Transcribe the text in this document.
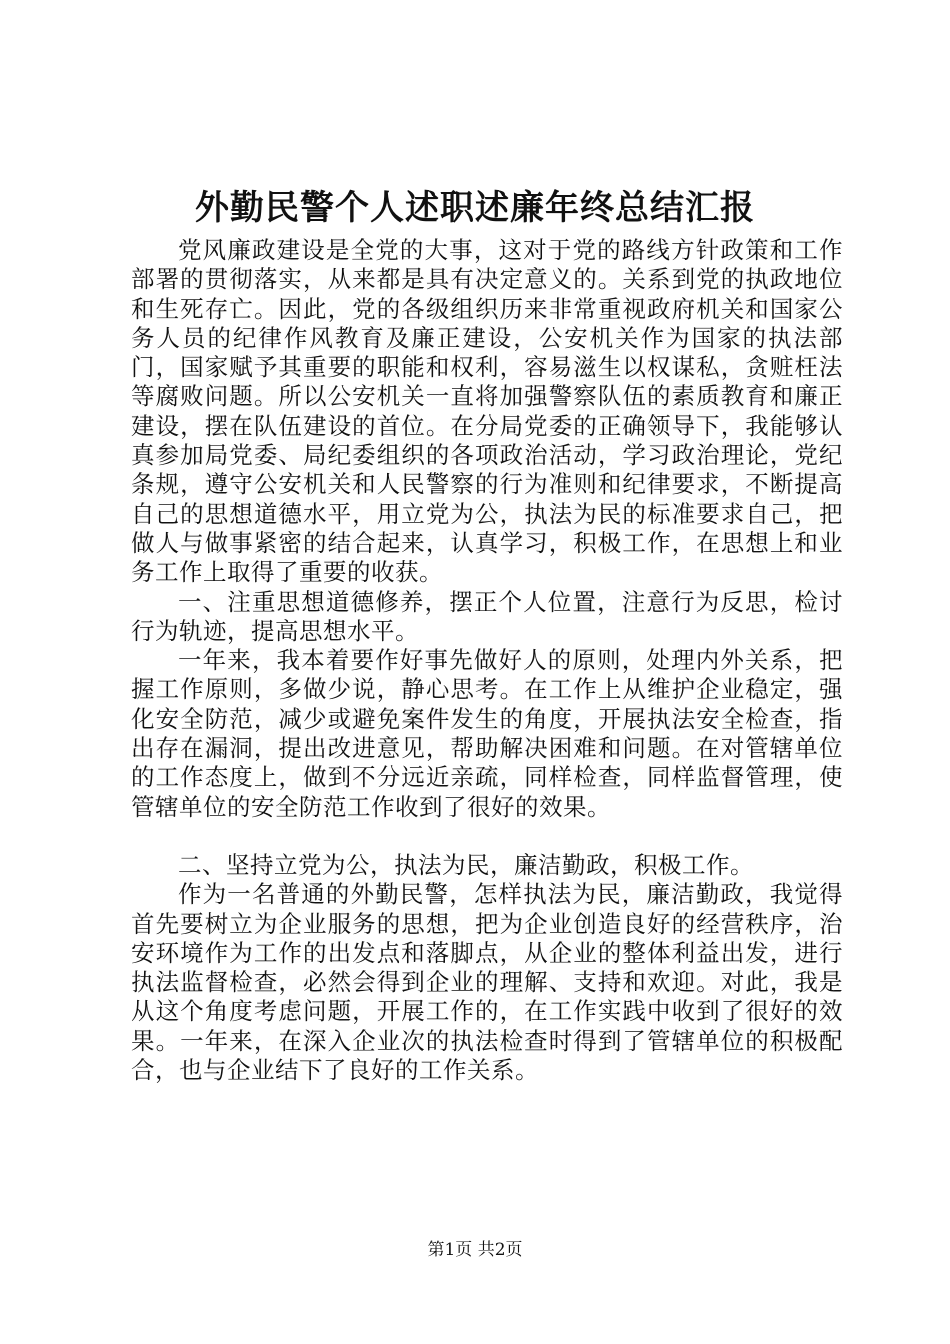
外勤民警个人述职述廉年终总结汇报

党风廉政建设是全党的大事，这对于党的路线方针政策和工作部署的贯彻落实，从来都是具有决定意义的。关系到党的执政地位和生死存亡。因此，党的各级组织历来非常重视政府机关和国家公务人员的纪律作风教育及廉正建设，公安机关作为国家的执法部门，国家赋予其重要的职能和权利，容易滋生以权谋私，贪赃枉法等腐败问题。所以公安机关一直将加强警察队伍的素质教育和廉正建设，摆在队伍建设的首位。在分局党委的正确领导下，我能够认真参加局党委、局纪委组织的各项政治活动，学习政治理论，党纪条规，遵守公安机关和人民警察的行为准则和纪律要求，不断提高自己的思想道德水平，用立党为公，执法为民的标准要求自己，把做人与做事紧密的结合起来，认真学习，积极工作，在思想上和业务工作上取得了重要的收获。

一、注重思想道德修养，摆正个人位置，注意行为反思，检讨行为轨迹，提高思想水平。

一年来，我本着要作好事先做好人的原则，处理内外关系，把握工作原则，多做少说，静心思考。在工作上从维护企业稳定，强化安全防范，减少或避免案件发生的角度，开展执法安全检查，指出存在漏洞，提出改进意见，帮助解决困难和问题。在对管辖单位的工作态度上，做到不分远近亲疏，同样检查，同样监督管理，使管辖单位的安全防范工作收到了很好的效果。

二、坚持立党为公，执法为民，廉洁勤政，积极工作。

作为一名普通的外勤民警，怎样执法为民，廉洁勤政，我觉得首先要树立为企业服务的思想，把为企业创造良好的经营秩序，治安环境作为工作的出发点和落脚点，从企业的整体利益出发，进行执法监督检查，必然会得到企业的理解、支持和欢迎。对此，我是从这个角度考虑问题，开展工作的，在工作实践中收到了很好的效果。一年来，在深入企业次的执法检查时得到了管辖单位的积极配合，也与企业结下了良好的工作关系。

第1页 共2页
